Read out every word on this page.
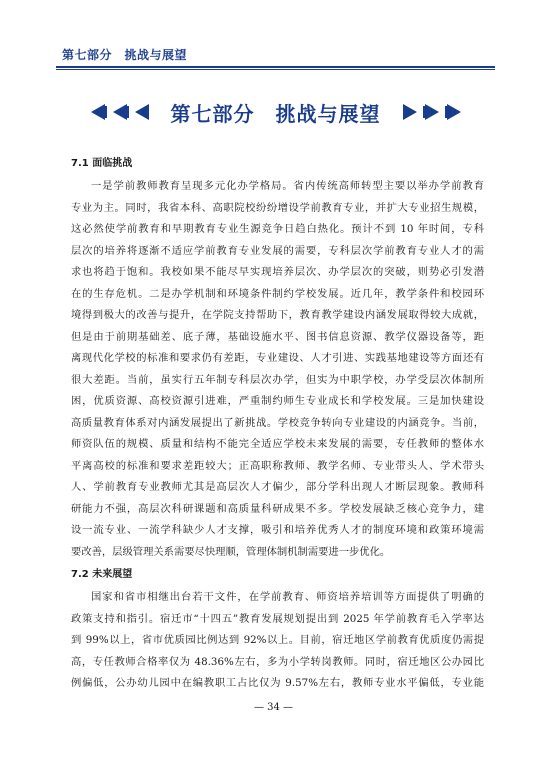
第七部分　挑战与展望
第七部分　挑战与展望
7.1 面临挑战
一是学前教师教育呈现多元化办学格局。省内传统高师转型主要以举办学前教育
专业为主。同时，我省本科、高职院校纷纷增设学前教育专业，并扩大专业招生规模，
这必然使学前教育和早期教育专业生源竞争日趋白热化。预计不到 10 年时间，专科
层次的培养将逐渐不适应学前教育专业发展的需要，专科层次学前教育专业人才的需
求也将趋于饱和。我校如果不能尽早实现培养层次、办学层次的突破，则势必引发潜
在的生存危机。二是办学机制和环境条件制约学校发展。近几年，教学条件和校园环
境得到极大的改善与提升，在学院支持帮助下，教育教学建设内涵发展取得较大成就，
但是由于前期基础差、底子薄，基础设施水平、图书信息资源、教学仪器设备等，距
离现代化学校的标准和要求仍有差距，专业建设、人才引进、实践基地建设等方面还有
很大差距。当前，虽实行五年制专科层次办学，但实为中职学校，办学受层次体制所
困，优质资源、高校资源引进难，严重制约师生专业成长和学校发展。三是加快建设
高质量教育体系对内涵发展提出了新挑战。学校竞争转向专业建设的内涵竞争。当前，
师资队伍的规模、质量和结构不能完全适应学校未来发展的需要，专任教师的整体水
平离高校的标准和要求差距较大；正高职称教师、教学名师、专业带头人、学术带头
人、学前教育专业教师尤其是高层次人才偏少，部分学科出现人才断层现象。教师科
研能力不强，高层次科研课题和高质量科研成果不多。学校发展缺乏核心竞争力，建
设一流专业、一流学科缺少人才支撑，吸引和培养优秀人才的制度环境和政策环境需
要改善，层级管理关系需要尽快理顺，管理体制机制需要进一步优化。
7.2 未来展望
国家和省市相继出台若干文件，在学前教育、师资培养培训等方面提供了明确的
政策支持和指引。宿迁市“十四五”教育发展规划提出到 2025 年学前教育毛入学率达
到 99%以上，省市优质园比例达到 92%以上。目前，宿迁地区学前教育优质度仍需提
高，专任教师合格率仅为 48.36%左右，多为小学转岗教师。同时，宿迁地区公办园比
例偏低，公办幼儿园中在编教职工占比仅为 9.57%左右，教师专业水平偏低，专业能
— 34 —
